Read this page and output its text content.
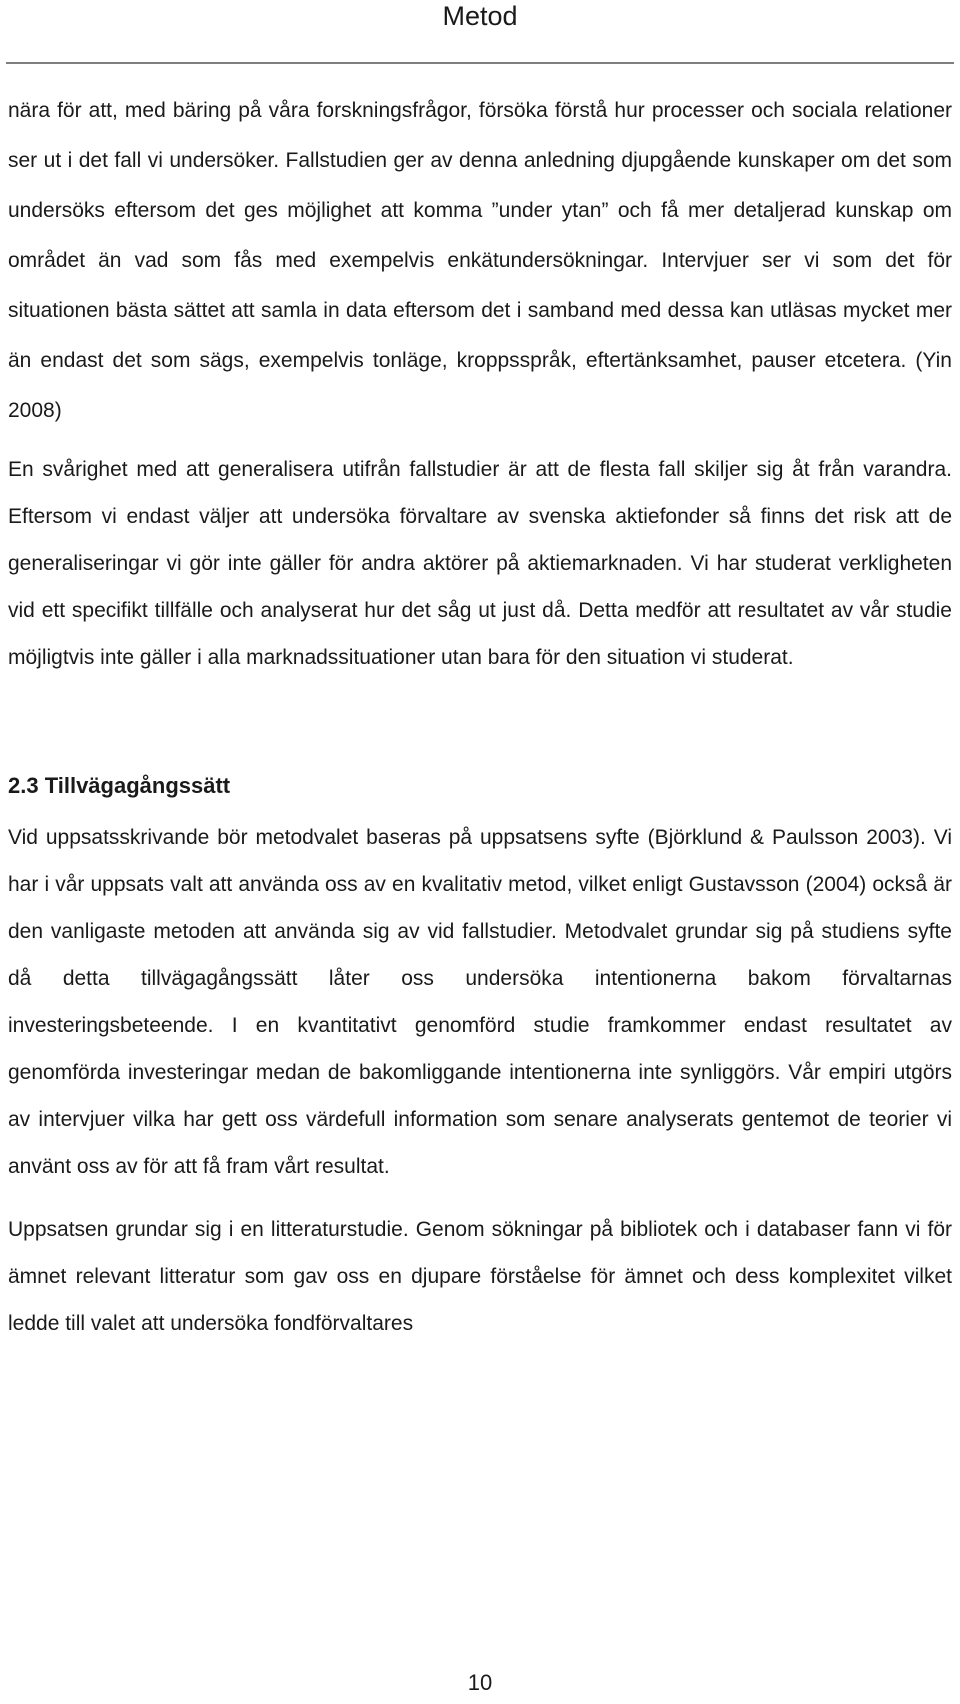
Metod

nära för att, med bäring på våra forskningsfrågor, försöka förstå hur processer och sociala relationer ser ut i det fall vi undersöker. Fallstudien ger av denna anledning djupgående kunskaper om det som undersöks eftersom det ges möjlighet att komma ”under ytan” och få mer detaljerad kunskap om området än vad som fås med exempelvis enkätundersökningar. Intervjuer ser vi som det för situationen bästa sättet att samla in data eftersom det i samband med dessa kan utläsas mycket mer än endast det som sägs, exempelvis tonläge, kroppsspråk, eftertänksamhet, pauser etcetera. (Yin 2008)

En svårighet med att generalisera utifrån fallstudier är att de flesta fall skiljer sig åt från varandra. Eftersom vi endast väljer att undersöka förvaltare av svenska aktiefonder så finns det risk att de generaliseringar vi gör inte gäller för andra aktörer på aktiemarknaden. Vi har studerat verkligheten vid ett specifikt tillfälle och analyserat hur det såg ut just då. Detta medför att resultatet av vår studie möjligtvis inte gäller i alla marknadssituationer utan bara för den situation vi studerat.

2.3 Tillvägagångssätt

Vid uppsatsskrivande bör metodvalet baseras på uppsatsens syfte (Björklund & Paulsson 2003). Vi har i vår uppsats valt att använda oss av en kvalitativ metod, vilket enligt Gustavsson (2004) också är den vanligaste metoden att använda sig av vid fallstudier. Metodvalet grundar sig på studiens syfte då detta tillvägagångssätt låter oss undersöka intentionerna bakom förvaltarnas investeringsbeteende. I en kvantitativt genomförd studie framkommer endast resultatet av genomförda investeringar medan de bakomliggande intentionerna inte synliggörs. Vår empiri utgörs av intervjuer vilka har gett oss värdefull information som senare analyserats gentemot de teorier vi använt oss av för att få fram vårt resultat.

Uppsatsen grundar sig i en litteraturstudie. Genom sökningar på bibliotek och i databaser fann vi för ämnet relevant litteratur som gav oss en djupare förståelse för ämnet och dess komplexitet vilket ledde till valet att undersöka fondförvaltares

10
